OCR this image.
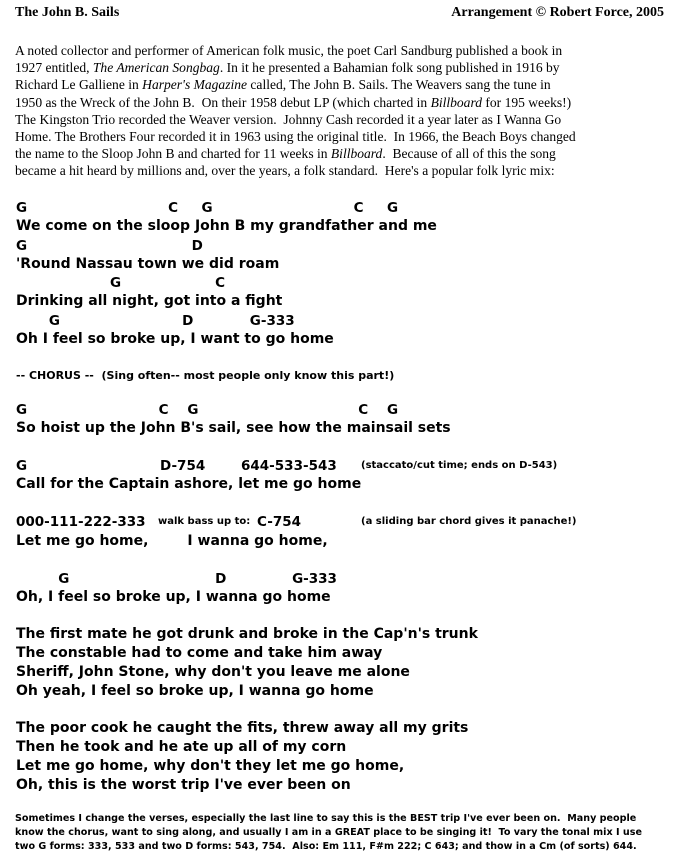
The John B. Sails	Arrangement © Robert Force, 2005
A noted collector and performer of American folk music, the poet Carl Sandburg published a book in
1927 entitled, The American Songbag. In it he presented a Bahamian folk song published in 1916 by
Richard Le Galliene in Harper's Magazine called, The John B. Sails. The Weavers sang the tune in
1950 as the Wreck of the John B.  On their 1958 debut LP (which charted in Billboard for 195 weeks!)
The Kingston Trio recorded the Weaver version.  Johnny Cash recorded it a year later as I Wanna Go
Home. The Brothers Four recorded it in 1963 using the original title.  In 1966, the Beach Boys changed
the name to the Sloop John B and charted for 11 weeks in Billboard.  Because of all of this the song
became a hit heard by millions and, over the years, a folk standard.  Here's a popular folk lyric mix:
G                              C     G                              C     G
We come on the sloop John B my grandfather and me
G                                   D
'Round Nassau town we did roam
G                    C
Drinking all night, got into a fight
G                          D            G-333
Oh I feel so broke up, I want to go home
-- CHORUS --  (Sing often-- most people only know this part!)
G                            C    G                                  C    G
So hoist up the John B's sail, see how the mainsail sets
G	D-754	644-533-543 (staccato/cut time; ends on D-543)
Call for the Captain ashore, let me go home
000-111-222-333 walk bass up to: C-754	(a sliding bar chord gives it panache!)
Let me go home,        I wanna go home,
G                               D              G-333
Oh, I feel so broke up, I wanna go home
The first mate he got drunk and broke in the Cap'n's trunk
The constable had to come and take him away
Sheriff, John Stone, why don't you leave me alone
Oh yeah, I feel so broke up, I wanna go home
The poor cook he caught the fits, threw away all my grits
Then he took and he ate up all of my corn
Let me go home, why don't they let me go home,
Oh, this is the worst trip I've ever been on
Sometimes I change the verses, especially the last line to say this is the BEST trip I've ever been on.  Many people
know the chorus, want to sing along, and usually I am in a GREAT place to be singing it!  To vary the tonal mix I use
two G forms: 333, 533 and two D forms: 543, 754.  Also: Em 111, F#m 222; C 643; and thow in a Cm (of sorts) 644.
